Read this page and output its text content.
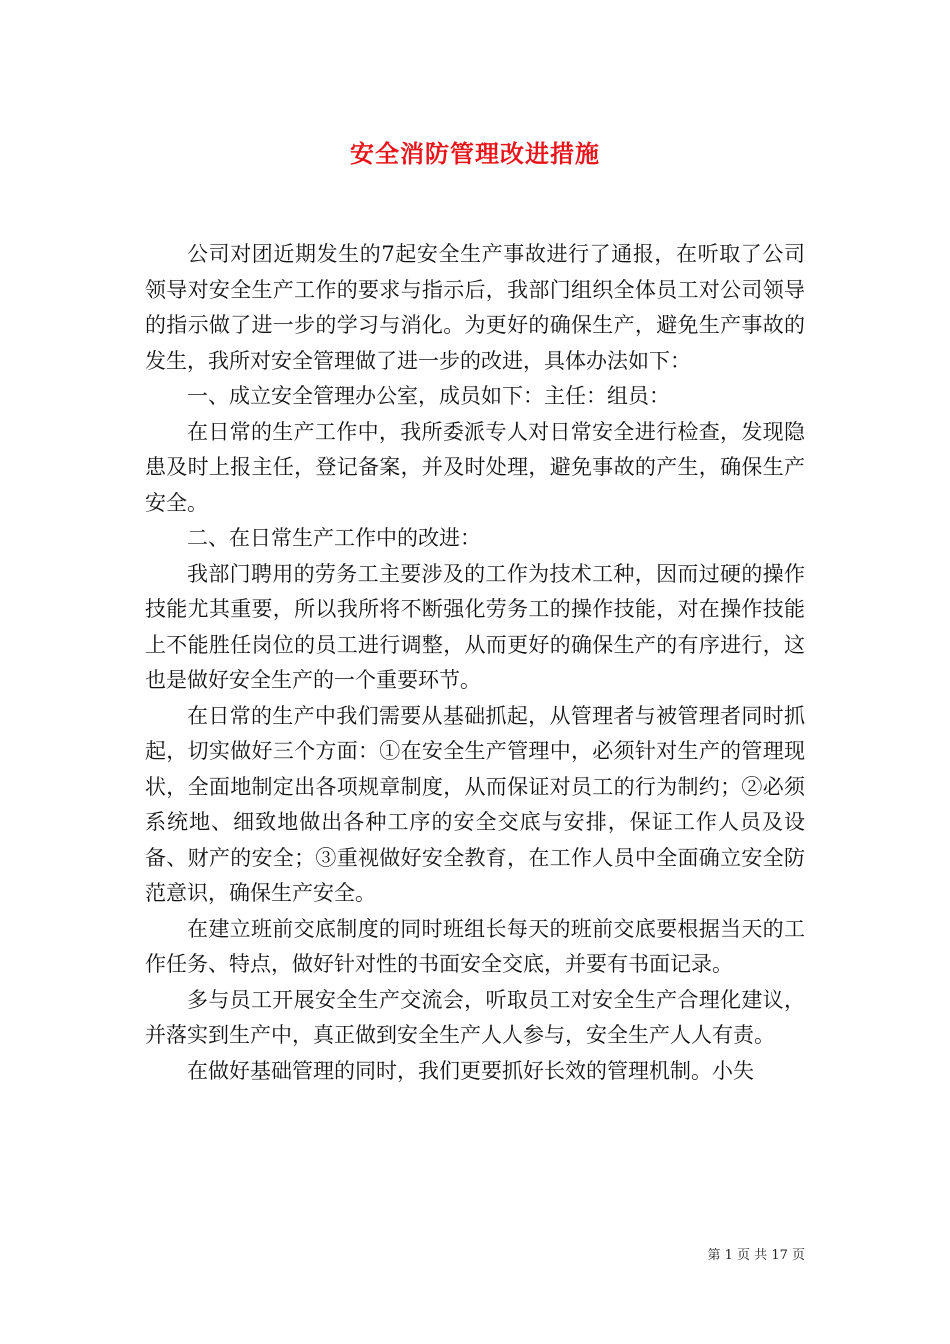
安全消防管理改进措施

公司对团近期发生的7起安全生产事故进行了通报，在听取了公司领导对安全生产工作的要求与指示后，我部门组织全体员工对公司领导的指示做了进一步的学习与消化。为更好的确保生产，避免生产事故的发生，我所对安全管理做了进一步的改进，具体办法如下：

一、成立安全管理办公室，成员如下：主任：组员：

在日常的生产工作中，我所委派专人对日常安全进行检查，发现隐患及时上报主任，登记备案，并及时处理，避免事故的产生，确保生产安全。

二、在日常生产工作中的改进：

我部门聘用的劳务工主要涉及的工作为技术工种，因而过硬的操作技能尤其重要，所以我所将不断强化劳务工的操作技能，对在操作技能上不能胜任岗位的员工进行调整，从而更好的确保生产的有序进行，这也是做好安全生产的一个重要环节。

在日常的生产中我们需要从基础抓起，从管理者与被管理者同时抓起，切实做好三个方面：①在安全生产管理中，必须针对生产的管理现状，全面地制定出各项规章制度，从而保证对员工的行为制约；②必须系统地、细致地做出各种工序的安全交底与安排，保证工作人员及设备、财产的安全；③重视做好安全教育，在工作人员中全面确立安全防范意识，确保生产安全。

在建立班前交底制度的同时班组长每天的班前交底要根据当天的工作任务、特点，做好针对性的书面安全交底，并要有书面记录。

多与员工开展安全生产交流会，听取员工对安全生产合理化建议，并落实到生产中，真正做到安全生产人人参与，安全生产人人有责。

在做好基础管理的同时，我们更要抓好长效的管理机制。小失

第 1 页 共 17 页
